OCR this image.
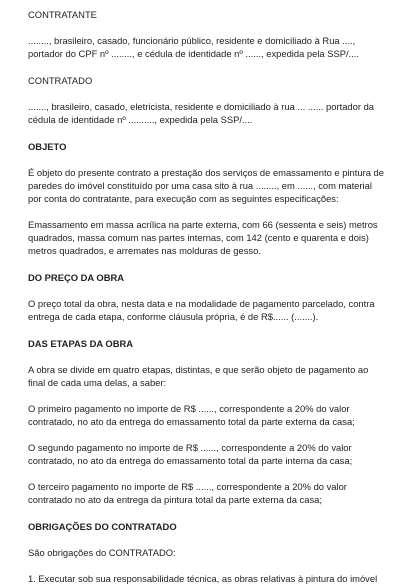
CONTRATANTE

........, brasileiro, casado, funcionário público, residente e domiciliado à Rua ...., portador do CPF nº ........, e cédula de identidade nº ......, expedida pela SSP/....

CONTRATADO

......., brasileiro, casado, eletricista, residente e domiciliado à rua ... ...... portador da cédula de identidade nº .........., expedida pela SSP/....

OBJETO

É objeto do presente contrato a prestação dos serviços de emassamento e pintura de paredes do imóvel constituído por uma casa sito à rua ........, em ......, com material por conta do contratante, para execução com as seguintes especificações:

Emassamento em massa acrílica na parte externa, com 66 (sessenta e seis) metros quadrados, massa comum nas partes internas, com 142 (cento e quarenta e dois) metros quadrados, e arremates nas molduras de gesso.

DO PREÇO DA OBRA

O preço total da obra, nesta data e na modalidade de pagamento parcelado, contra entrega de cada etapa, conforme cláusula própria, é de R$...... (.......).

DAS ETAPAS DA OBRA

A obra se divide em quatro etapas, distintas, e que serão objeto de pagamento ao final de cada uma delas, a saber:

O primeiro pagamento no importe de R$ ......, correspondente a 20% do valor contratado, no ato da entrega do emassamento total da parte externa da casa;

O segundo pagamento no importe de R$ ......, correspondente a 20% do valor contratado, no ato da entrega do emassamento total da parte interna da casa;

O terceiro pagamento no importe de R$ ......, correspondente a 20% do valor contratado no ato da entrega da pintura total da parte externa da casa;

OBRIGAÇÕES DO CONTRATADO

São obrigações do CONTRATADO:

1. Executar sob sua responsabilidade técnica, as obras relativas à pintura do imóvel
